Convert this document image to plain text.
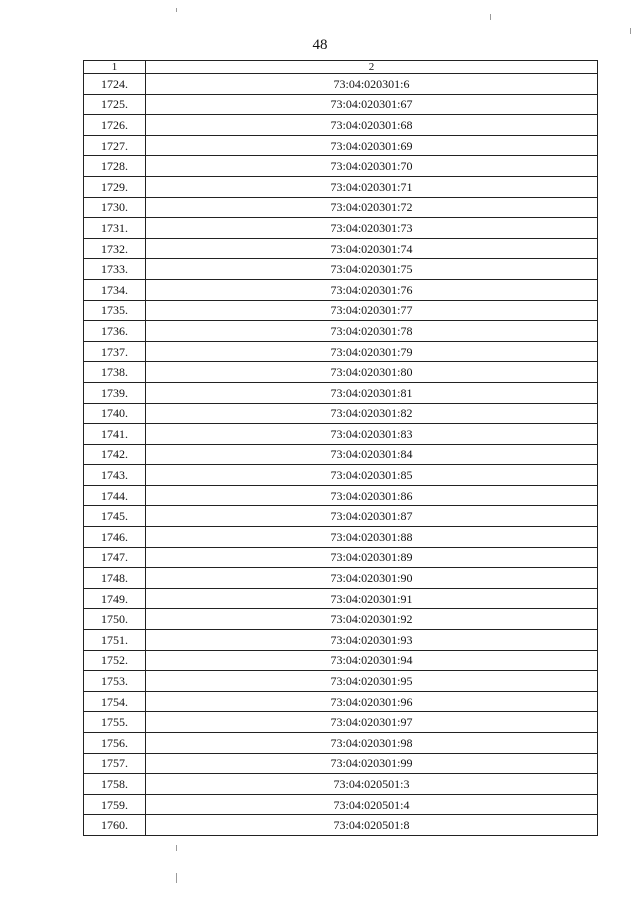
48
1	2
1724.	73:04:020301:6
1725.	73:04:020301:67
1726.	73:04:020301:68
1727.	73:04:020301:69
1728.	73:04:020301:70
1729.	73:04:020301:71
1730.	73:04:020301:72
1731.	73:04:020301:73
1732.	73:04:020301:74
1733.	73:04:020301:75
1734.	73:04:020301:76
1735.	73:04:020301:77
1736.	73:04:020301:78
1737.	73:04:020301:79
1738.	73:04:020301:80
1739.	73:04:020301:81
1740.	73:04:020301:82
1741.	73:04:020301:83
1742.	73:04:020301:84
1743.	73:04:020301:85
1744.	73:04:020301:86
1745.	73:04:020301:87
1746.	73:04:020301:88
1747.	73:04:020301:89
1748.	73:04:020301:90
1749.	73:04:020301:91
1750.	73:04:020301:92
1751.	73:04:020301:93
1752.	73:04:020301:94
1753.	73:04:020301:95
1754.	73:04:020301:96
1755.	73:04:020301:97
1756.	73:04:020301:98
1757.	73:04:020301:99
1758.	73:04:020501:3
1759.	73:04:020501:4
1760.	73:04:020501:8
